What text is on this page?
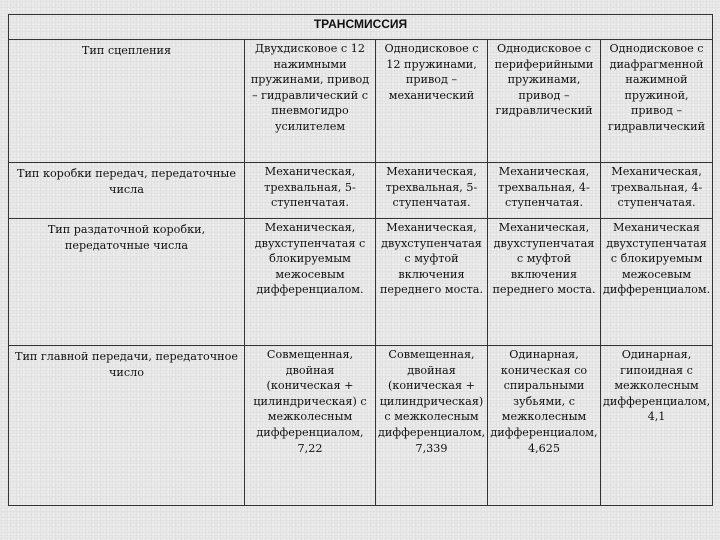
ТРАНСМИССИЯ				
Тип сцепления	Двухдисковое с 12 нажимными пружинами, привод – гидравлический с пневмогидро усилителем	Однодисковое с 12 пружинами, привод – механический	Однодисковое с периферийными пружинами, привод – гидравлический	Однодисковое с диафрагменной нажимной пружиной, привод – гидравлический
Тип коробки передач, передаточные числа	Механическая, трехвальная, 5-ступенчатая.	Механическая, трехвальная, 5-ступенчатая.	Механическая, трехвальная, 4-ступенчатая.	Механическая, трехвальная, 4-ступенчатая.
Тип раздаточной коробки, передаточные числа	Механическая, двухступенчатая с блокируемым межосевым дифференциалом.	Механическая, двухступенчатая с муфтой включения переднего моста.	Механическая, двухступенчатая с муфтой включения переднего моста.	Механическая двухступенчатая с блокируемым межосевым дифференциалом.
Тип главной передачи, передаточное число	Совмещенная, двойная (коническая + цилиндрическая) с межколесным дифференциалом, 7,22	Совмещенная, двойная (коническая + цилиндрическая) с межколесным дифференциалом, 7,339	Одинарная, коническая со спиральными зубьями, с межколесным дифференциалом, 4,625	Одинарная, гипоидная с межколесным дифференциалом, 4,1
